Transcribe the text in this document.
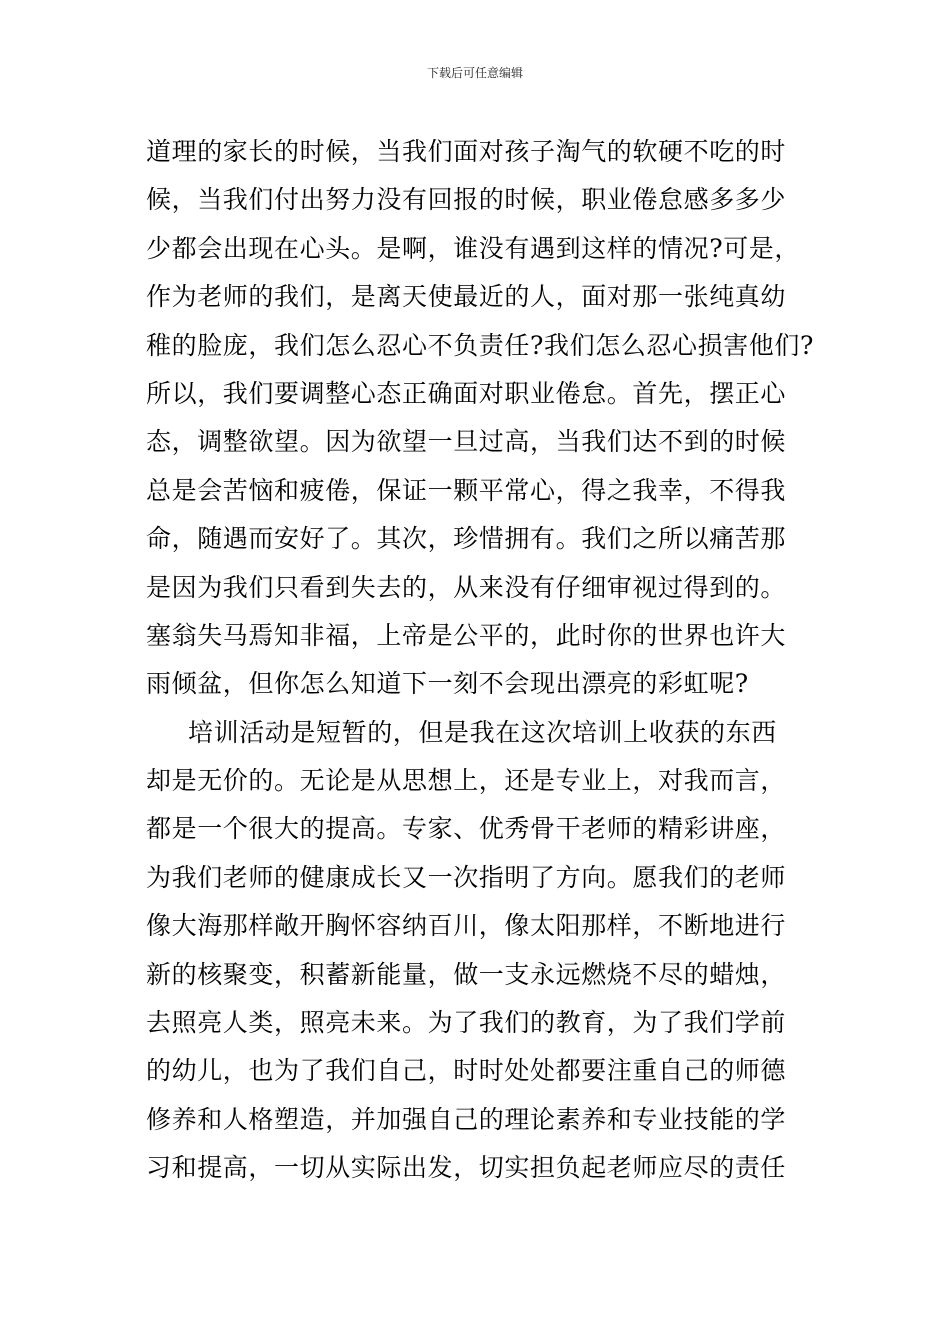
下载后可任意编辑
道理的家长的时候，当我们面对孩子淘气的软硬不吃的时
候，当我们付出努力没有回报的时候，职业倦怠感多多少
少都会出现在心头。是啊，谁没有遇到这样的情况?可是，
作为老师的我们，是离天使最近的人，面对那一张纯真幼
稚的脸庞，我们怎么忍心不负责任?我们怎么忍心损害他们?
所以，我们要调整心态正确面对职业倦怠。首先，摆正心
态，调整欲望。因为欲望一旦过高，当我们达不到的时候
总是会苦恼和疲倦，保证一颗平常心，得之我幸，不得我
命，随遇而安好了。其次，珍惜拥有。我们之所以痛苦那
是因为我们只看到失去的，从来没有仔细审视过得到的。
塞翁失马焉知非福，上帝是公平的，此时你的世界也许大
雨倾盆，但你怎么知道下一刻不会现出漂亮的彩虹呢?
培训活动是短暂的，但是我在这次培训上收获的东西
却是无价的。无论是从思想上，还是专业上，对我而言，
都是一个很大的提高。专家、优秀骨干老师的精彩讲座，
为我们老师的健康成长又一次指明了方向。愿我们的老师
像大海那样敞开胸怀容纳百川，像太阳那样，不断地进行
新的核聚变，积蓄新能量，做一支永远燃烧不尽的蜡烛，
去照亮人类，照亮未来。为了我们的教育，为了我们学前
的幼儿，也为了我们自己，时时处处都要注重自己的师德
修养和人格塑造，并加强自己的理论素养和专业技能的学
习和提高，一切从实际出发，切实担负起老师应尽的责任
